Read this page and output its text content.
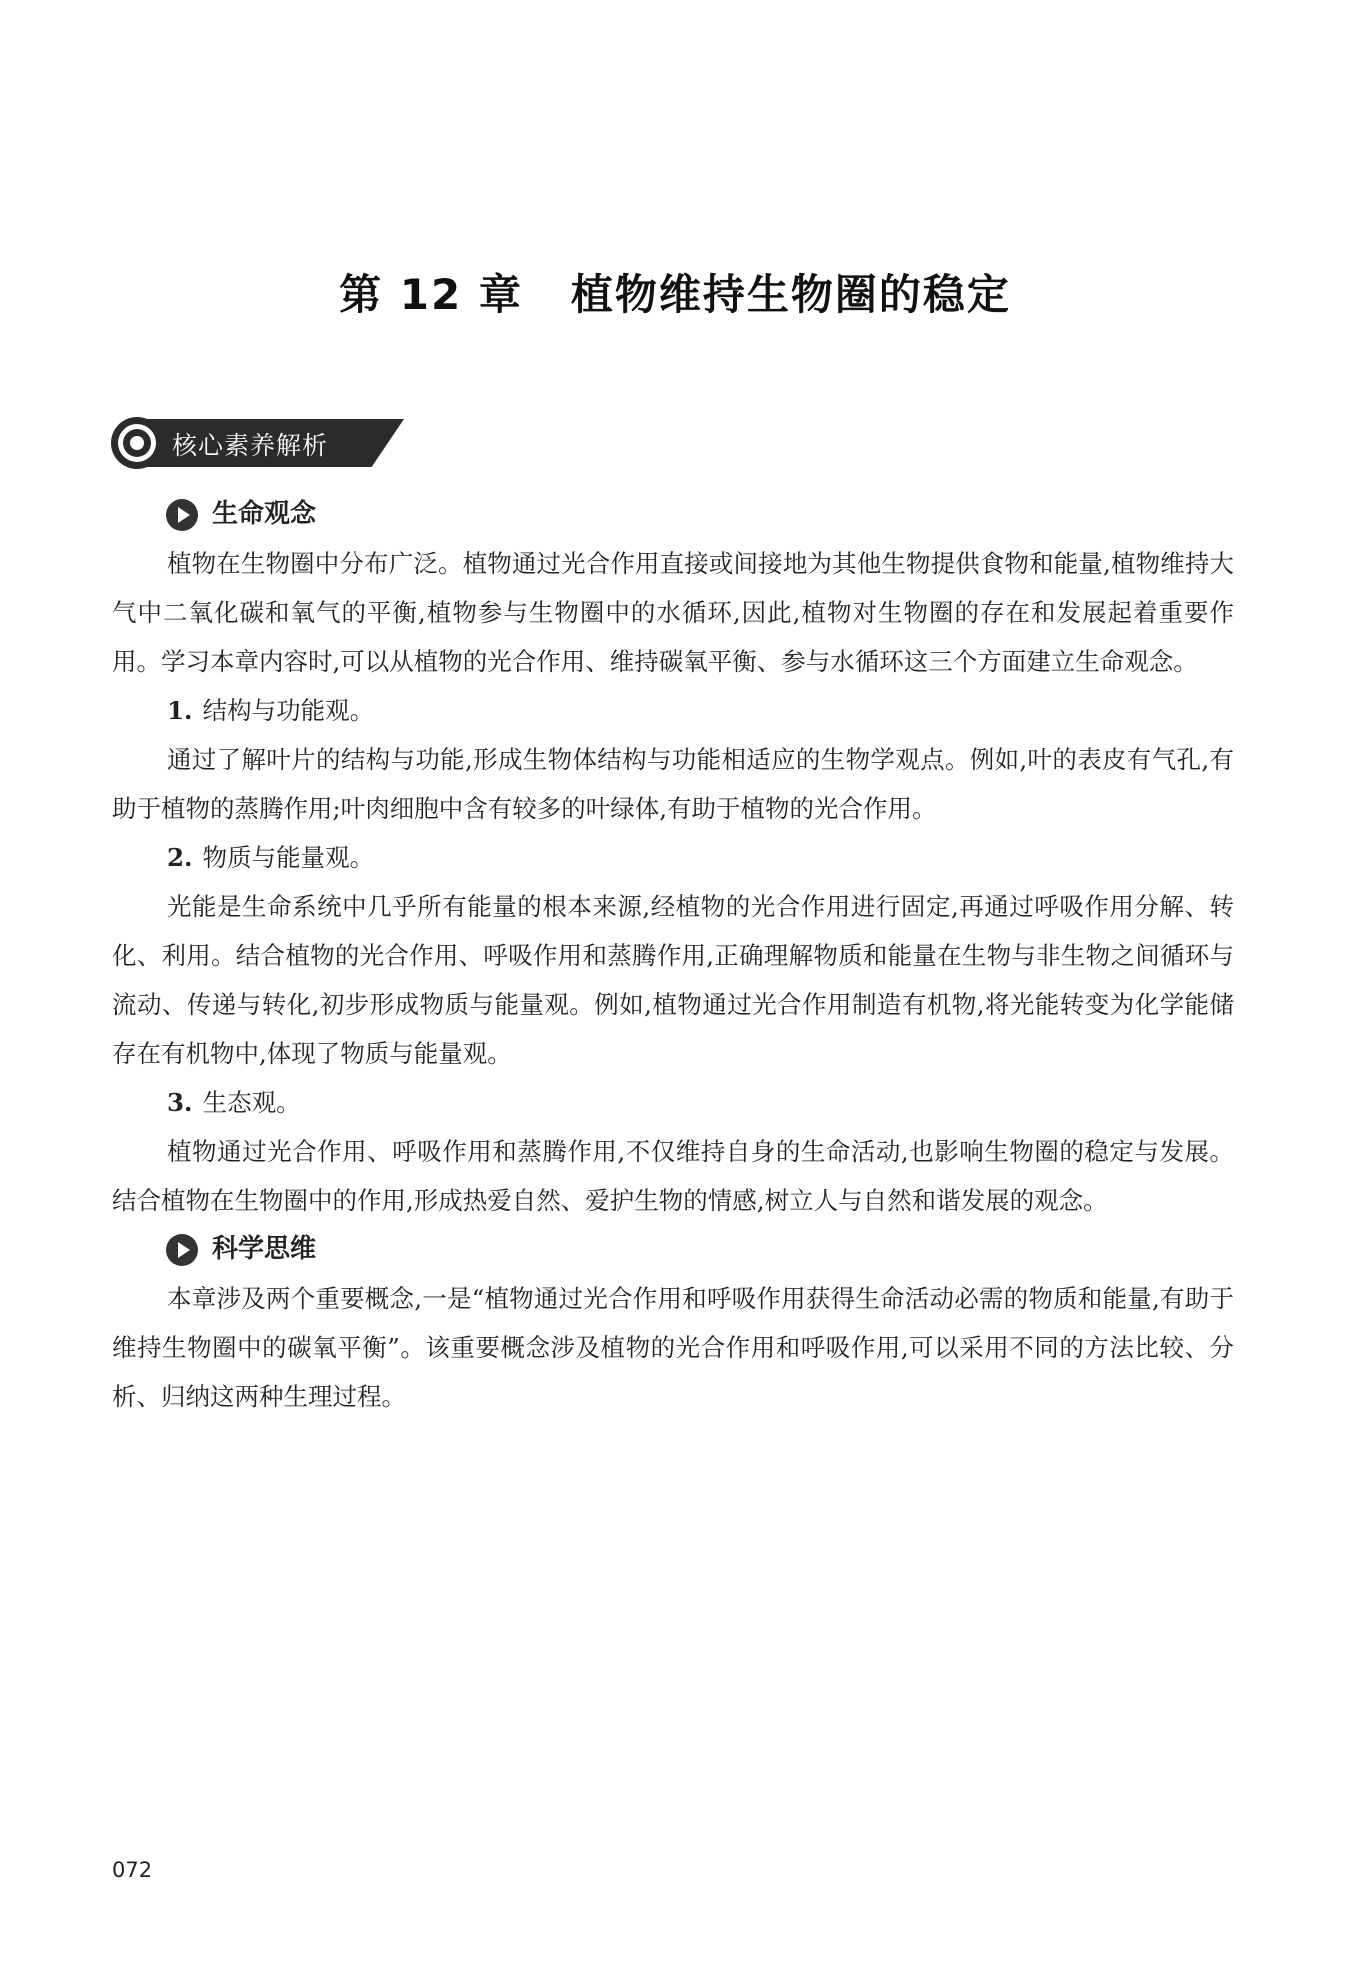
第 12 章 植物维持生物圈的稳定
核心素养解析
生命观念

植物在生物圈中分布广泛。植物通过光合作用直接或间接地为其他生物提供食物和能量,植物维持大气中二氧化碳和氧气的平衡,植物参与生物圈中的水循环,因此,植物对生物圈的存在和发展起着重要作用。学习本章内容时,可以从植物的光合作用、维持碳氧平衡、参与水循环这三个方面建立生命观念。

1. 结构与功能观。

通过了解叶片的结构与功能,形成生物体结构与功能相适应的生物学观点。例如,叶的表皮有气孔,有助于植物的蒸腾作用;叶肉细胞中含有较多的叶绿体,有助于植物的光合作用。

2. 物质与能量观。

光能是生命系统中几乎所有能量的根本来源,经植物的光合作用进行固定,再通过呼吸作用分解、转化、利用。结合植物的光合作用、呼吸作用和蒸腾作用,正确理解物质和能量在生物与非生物之间循环与流动、传递与转化,初步形成物质与能量观。例如,植物通过光合作用制造有机物,将光能转变为化学能储存在有机物中,体现了物质与能量观。

3. 生态观。

植物通过光合作用、呼吸作用和蒸腾作用,不仅维持自身的生命活动,也影响生物圈的稳定与发展。结合植物在生物圈中的作用,形成热爱自然、爱护生物的情感,树立人与自然和谐发展的观念。

科学思维

本章涉及两个重要概念,一是“植物通过光合作用和呼吸作用获得生命活动必需的物质和能量,有助于维持生物圈中的碳氧平衡”。该重要概念涉及植物的光合作用和呼吸作用,可以采用不同的方法比较、分析、归纳这两种生理过程。

072
